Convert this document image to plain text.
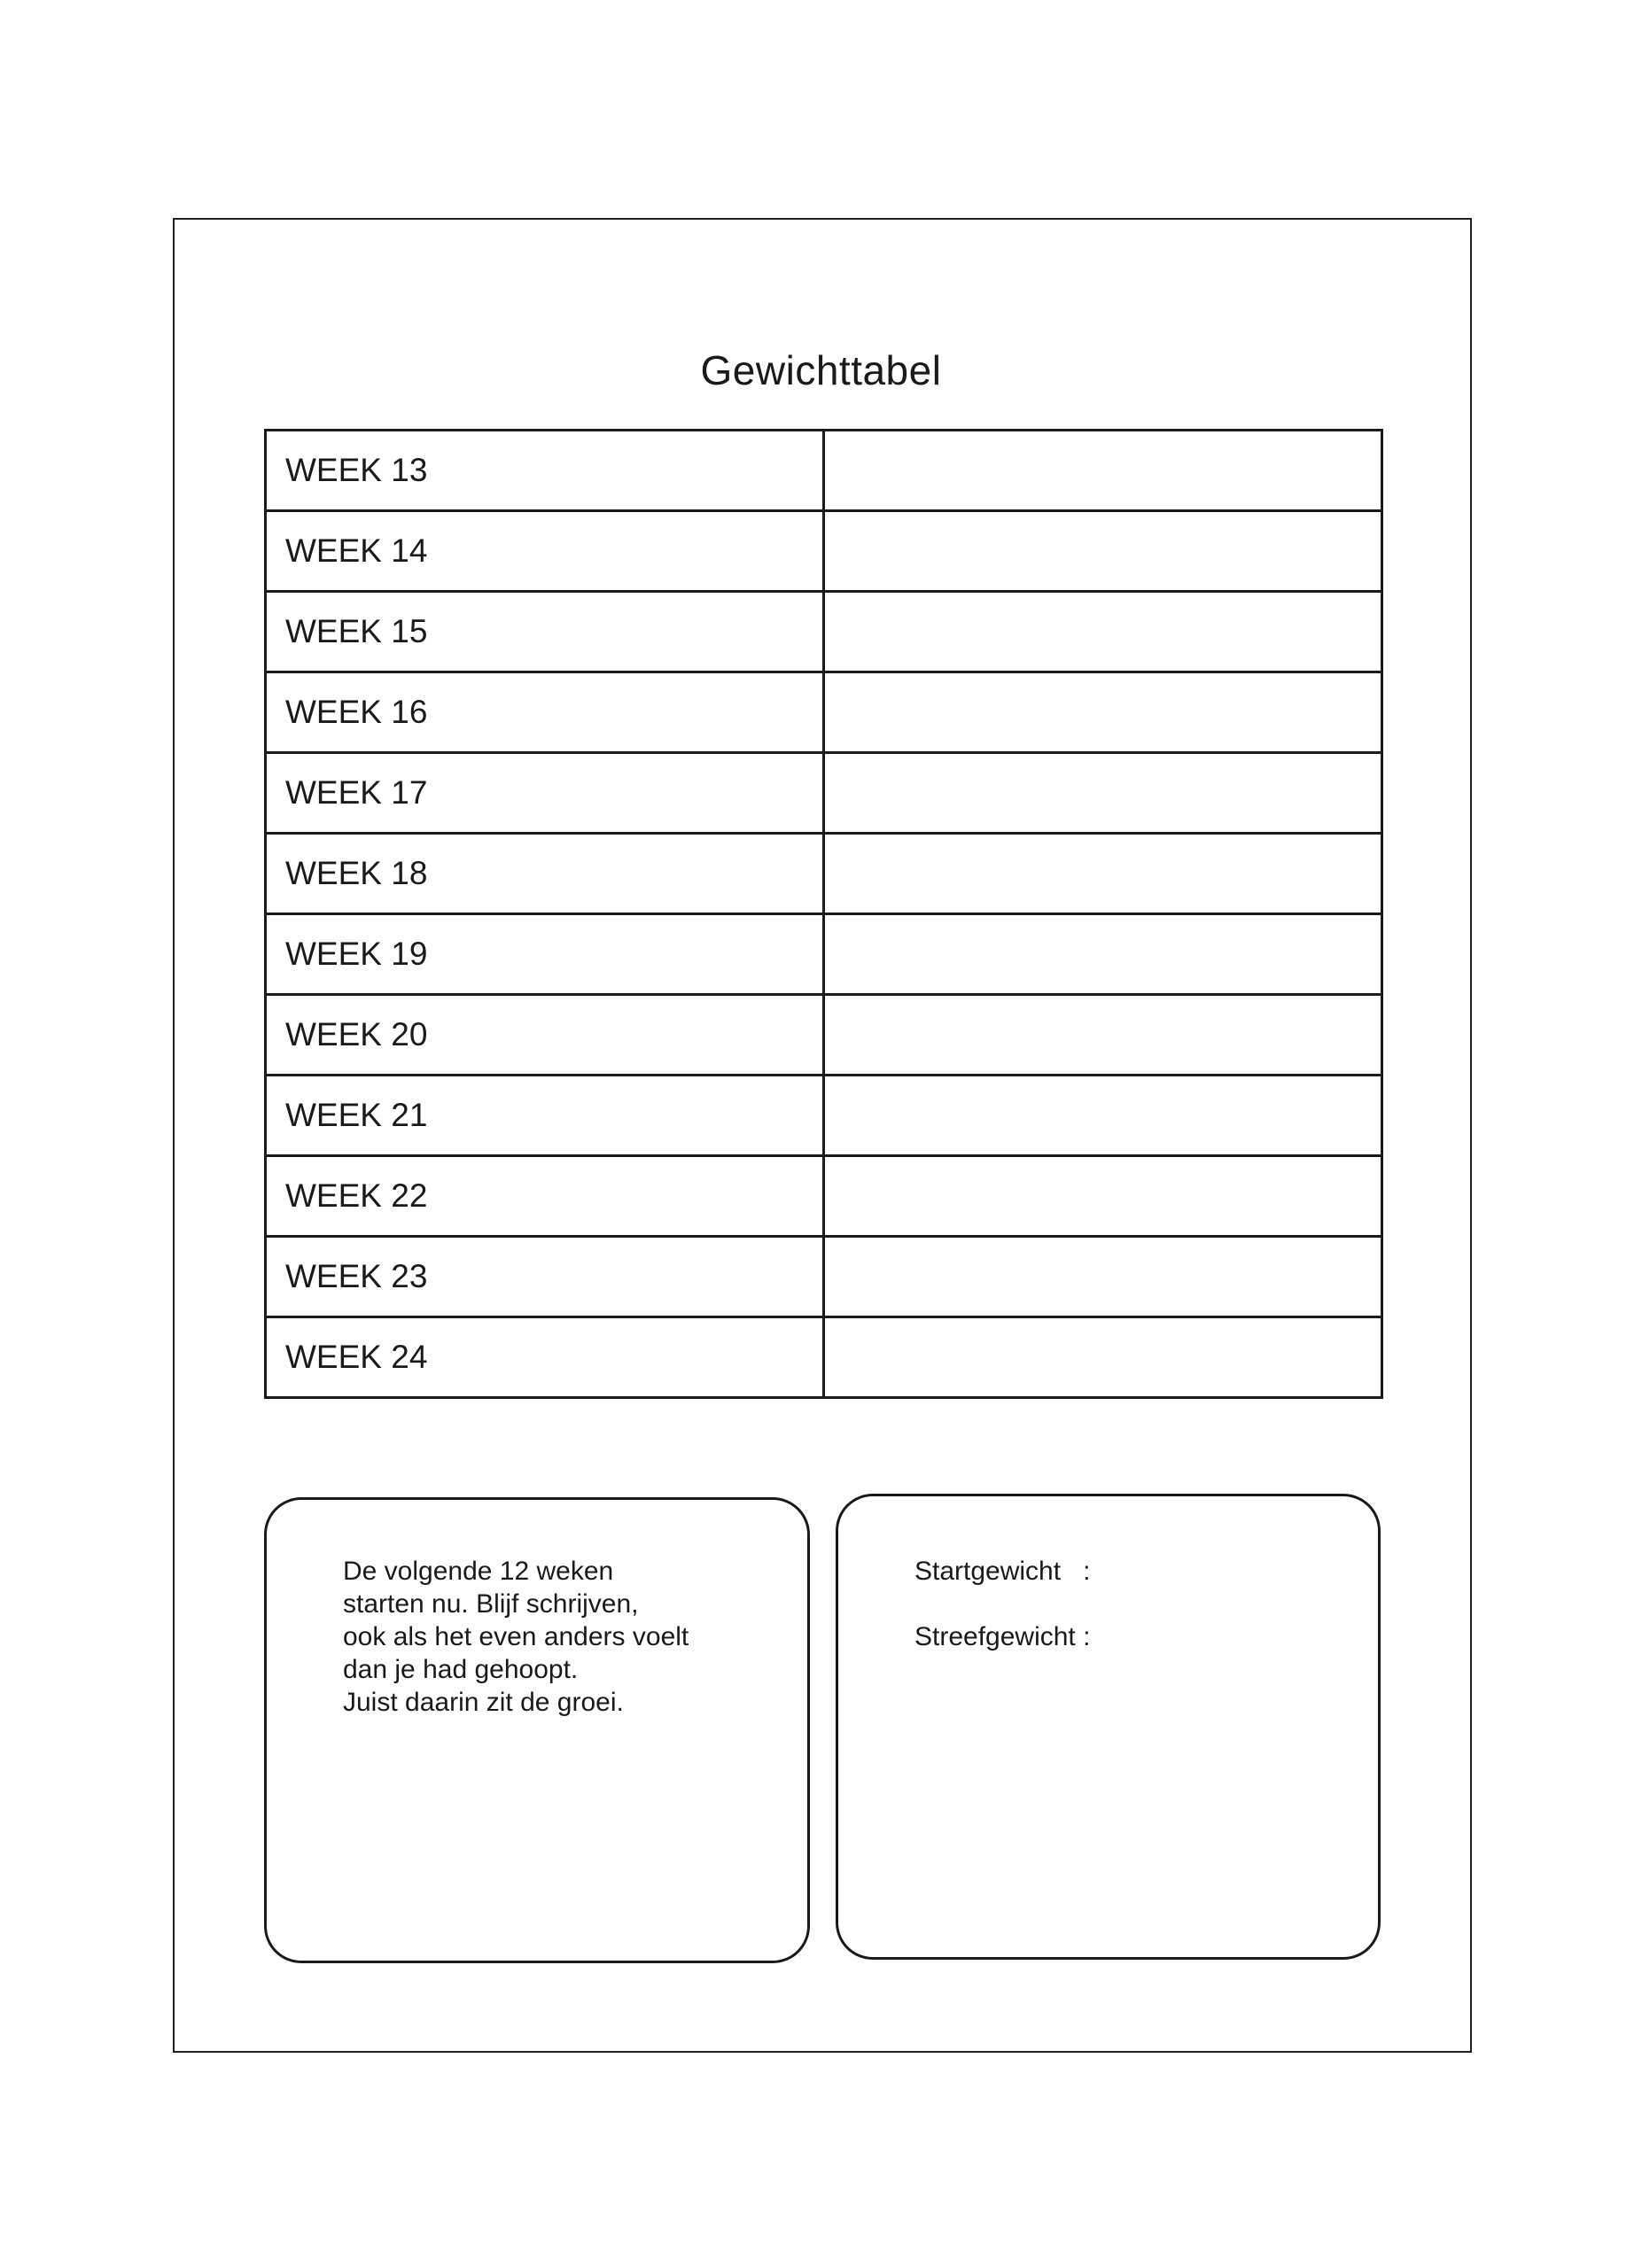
Gewichttabel
WEEK 13	
WEEK 14	
WEEK 15	
WEEK 16	
WEEK 17	
WEEK 18	
WEEK 19	
WEEK 20	
WEEK 21	
WEEK 22	
WEEK 23	
WEEK 24	
De volgende 12 weken
starten nu. Blijf schrijven,
ook als het even anders voelt
dan je had gehoopt.
Juist daarin zit de groei.
Startgewicht   :
Streefgewicht :
